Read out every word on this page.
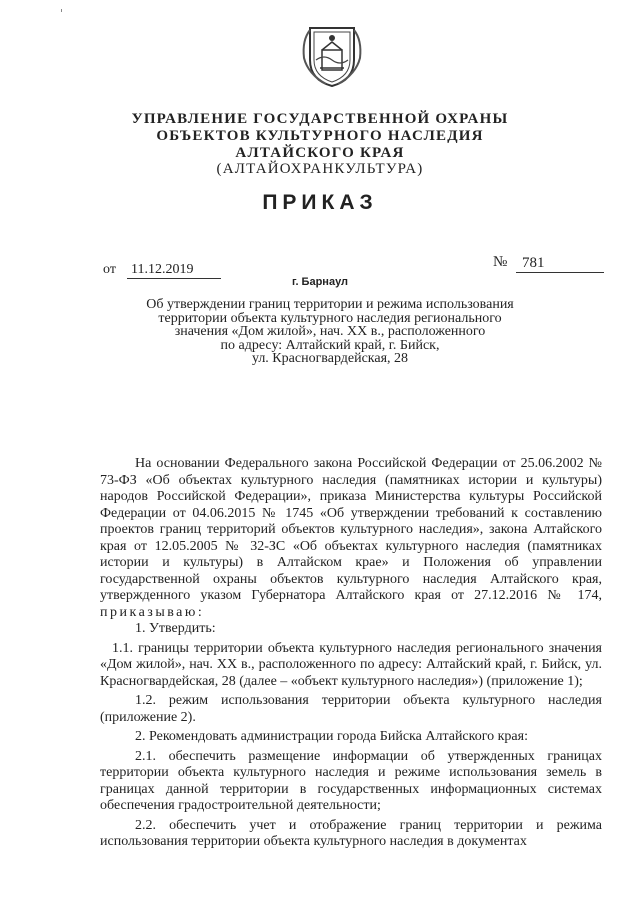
УПРАВЛЕНИЕ ГОСУДАРСТВЕННОЙ ОХРАНЫ
ОБЪЕКТОВ КУЛЬТУРНОГО НАСЛЕДИЯ
АЛТАЙСКОГО КРАЯ
(АЛТАЙОХРАНКУЛЬТУРА)
ПРИКАЗ
от 11.12.2019	№ 781
г. Барнаул
Об утверждении границ территории и режима использования
территории объекта культурного наследия регионального
значения «Дом жилой», нач. XX в., расположенного
по адресу: Алтайский край, г. Бийск,
ул. Красногвардейская, 28

На основании Федерального закона Российской Федерации от 25.06.2002 № 73-ФЗ «Об объектах культурного наследия (памятниках истории и культуры) народов Российской Федерации», приказа Министерства культуры Российской Федерации от 04.06.2015 № 1745 «Об утверждении требований к составлению проектов границ территорий объектов культурного наследия», закона Алтайского края от 12.05.2005 № 32-ЗС «Об объектах культурного наследия (памятниках истории и культуры) в Алтайском крае» и Положения об управлении государственной охраны объектов культурного наследия Алтайского края, утвержденного указом Губернатора Алтайского края от 27.12.2016 № 174, приказываю:

1. Утвердить:

1.1. границы территории объекта культурного наследия регионального значения «Дом жилой», нач. XX в., расположенного по адресу: Алтайский край, г. Бийск, ул. Красногвардейская, 28 (далее – «объект культурного наследия») (приложение 1);

1.2. режим использования территории объекта культурного наследия (приложение 2).

2. Рекомендовать администрации города Бийска Алтайского края:

2.1. обеспечить размещение информации об утвержденных границах территории объекта культурного наследия и режиме использования земель в границах данной территории в государственных информационных системах обеспечения градостроительной деятельности;

2.2. обеспечить учет и отображение границ территории и режима использования территории объекта культурного наследия в документах
